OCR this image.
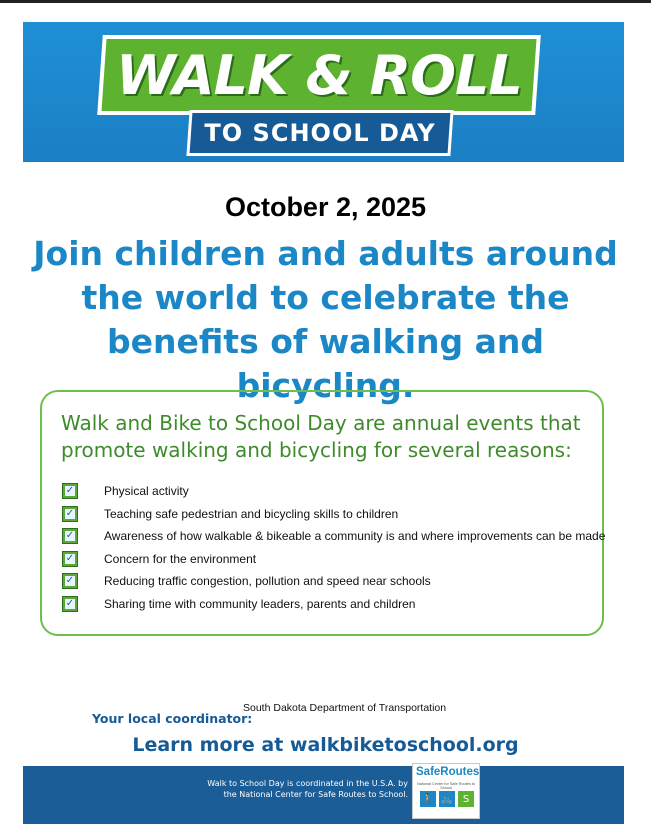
WALK & ROLL
TO SCHOOL DAY
October 2, 2025
Join children and adults around the world to celebrate the benefits of walking and bicycling.
Walk and Bike to School Day are annual events that promote walking and bicycling for several reasons:
✓ Physical activity
✓ Teaching safe pedestrian and bicycling skills to children
✓ Awareness of how walkable & bikeable a community is and where improvements can be made
✓ Concern for the environment
✓ Reducing traffic congestion, pollution and speed near schools
✓ Sharing time with community leaders, parents and children
Your local coordinator:
South Dakota Department of Transportation
Learn more at walkbiketoschool.org
Walk to School Day is coordinated in the U.S.A. by
the National Center for Safe Routes to School.
SafeRoutes
National Center for Safe Routes to School
🚶 🚲 S
